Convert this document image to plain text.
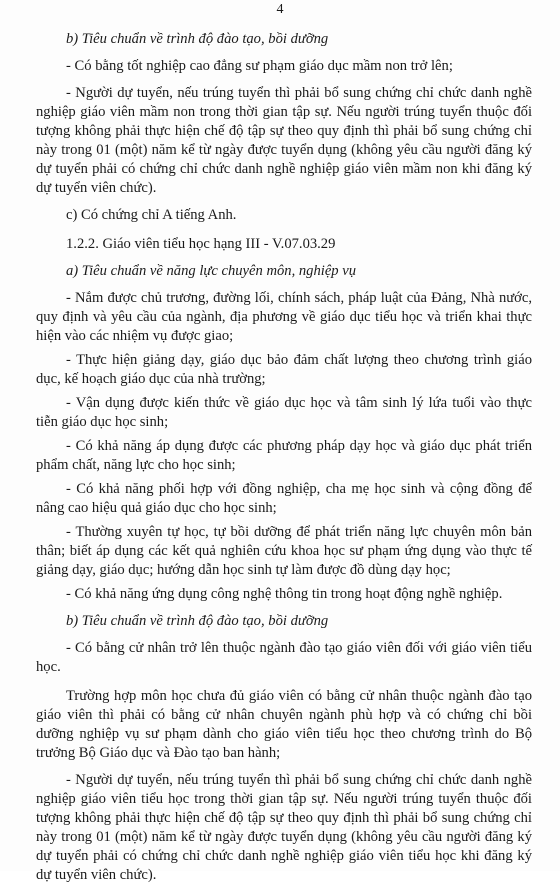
4

b) Tiêu chuẩn về trình độ đào tạo, bồi dưỡng

- Có bằng tốt nghiệp cao đẳng sư phạm giáo dục mầm non trở lên;

- Người dự tuyển, nếu trúng tuyển thì phải bổ sung chứng chỉ chức danh nghề nghiệp giáo viên mầm non trong thời gian tập sự. Nếu người trúng tuyển thuộc đối tượng không phải thực hiện chế độ tập sự theo quy định thì phải bổ sung chứng chỉ này trong 01 (một) năm kể từ ngày được tuyển dụng (không yêu cầu người đăng ký dự tuyển phải có chứng chỉ chức danh nghề nghiệp giáo viên mầm non khi đăng ký dự tuyển viên chức).

c) Có chứng chỉ A tiếng Anh.

1.2.2. Giáo viên tiểu học hạng III - V.07.03.29

a) Tiêu chuẩn về năng lực chuyên môn, nghiệp vụ

- Nắm được chủ trương, đường lối, chính sách, pháp luật của Đảng, Nhà nước, quy định và yêu cầu của ngành, địa phương về giáo dục tiểu học và triển khai thực hiện vào các nhiệm vụ được giao;

- Thực hiện giảng dạy, giáo dục bảo đảm chất lượng theo chương trình giáo dục, kế hoạch giáo dục của nhà trường;

- Vận dụng được kiến thức về giáo dục học và tâm sinh lý lứa tuổi vào thực tiễn giáo dục học sinh;

- Có khả năng áp dụng được các phương pháp dạy học và giáo dục phát triển phẩm chất, năng lực cho học sinh;

- Có khả năng phối hợp với đồng nghiệp, cha mẹ học sinh và cộng đồng để nâng cao hiệu quả giáo dục cho học sinh;

- Thường xuyên tự học, tự bồi dưỡng để phát triển năng lực chuyên môn bản thân; biết áp dụng các kết quả nghiên cứu khoa học sư phạm ứng dụng vào thực tế giảng dạy, giáo dục; hướng dẫn học sinh tự làm được đồ dùng dạy học;

- Có khả năng ứng dụng công nghệ thông tin trong hoạt động nghề nghiệp.

b) Tiêu chuẩn về trình độ đào tạo, bồi dưỡng

- Có bằng cử nhân trở lên thuộc ngành đào tạo giáo viên đối với giáo viên tiểu học.

Trường hợp môn học chưa đủ giáo viên có bằng cử nhân thuộc ngành đào tạo giáo viên thì phải có bằng cử nhân chuyên ngành phù hợp và có chứng chỉ bồi dưỡng nghiệp vụ sư phạm dành cho giáo viên tiểu học theo chương trình do Bộ trưởng Bộ Giáo dục và Đào tạo ban hành;

- Người dự tuyển, nếu trúng tuyển thì phải bổ sung chứng chỉ chức danh nghề nghiệp giáo viên tiểu học trong thời gian tập sự. Nếu người trúng tuyển thuộc đối tượng không phải thực hiện chế độ tập sự theo quy định thì phải bổ sung chứng chỉ này trong 01 (một) năm kể từ ngày được tuyển dụng (không yêu cầu người đăng ký dự tuyển phải có chứng chỉ chức danh nghề nghiệp giáo viên tiểu học khi đăng ký dự tuyển viên chức).
